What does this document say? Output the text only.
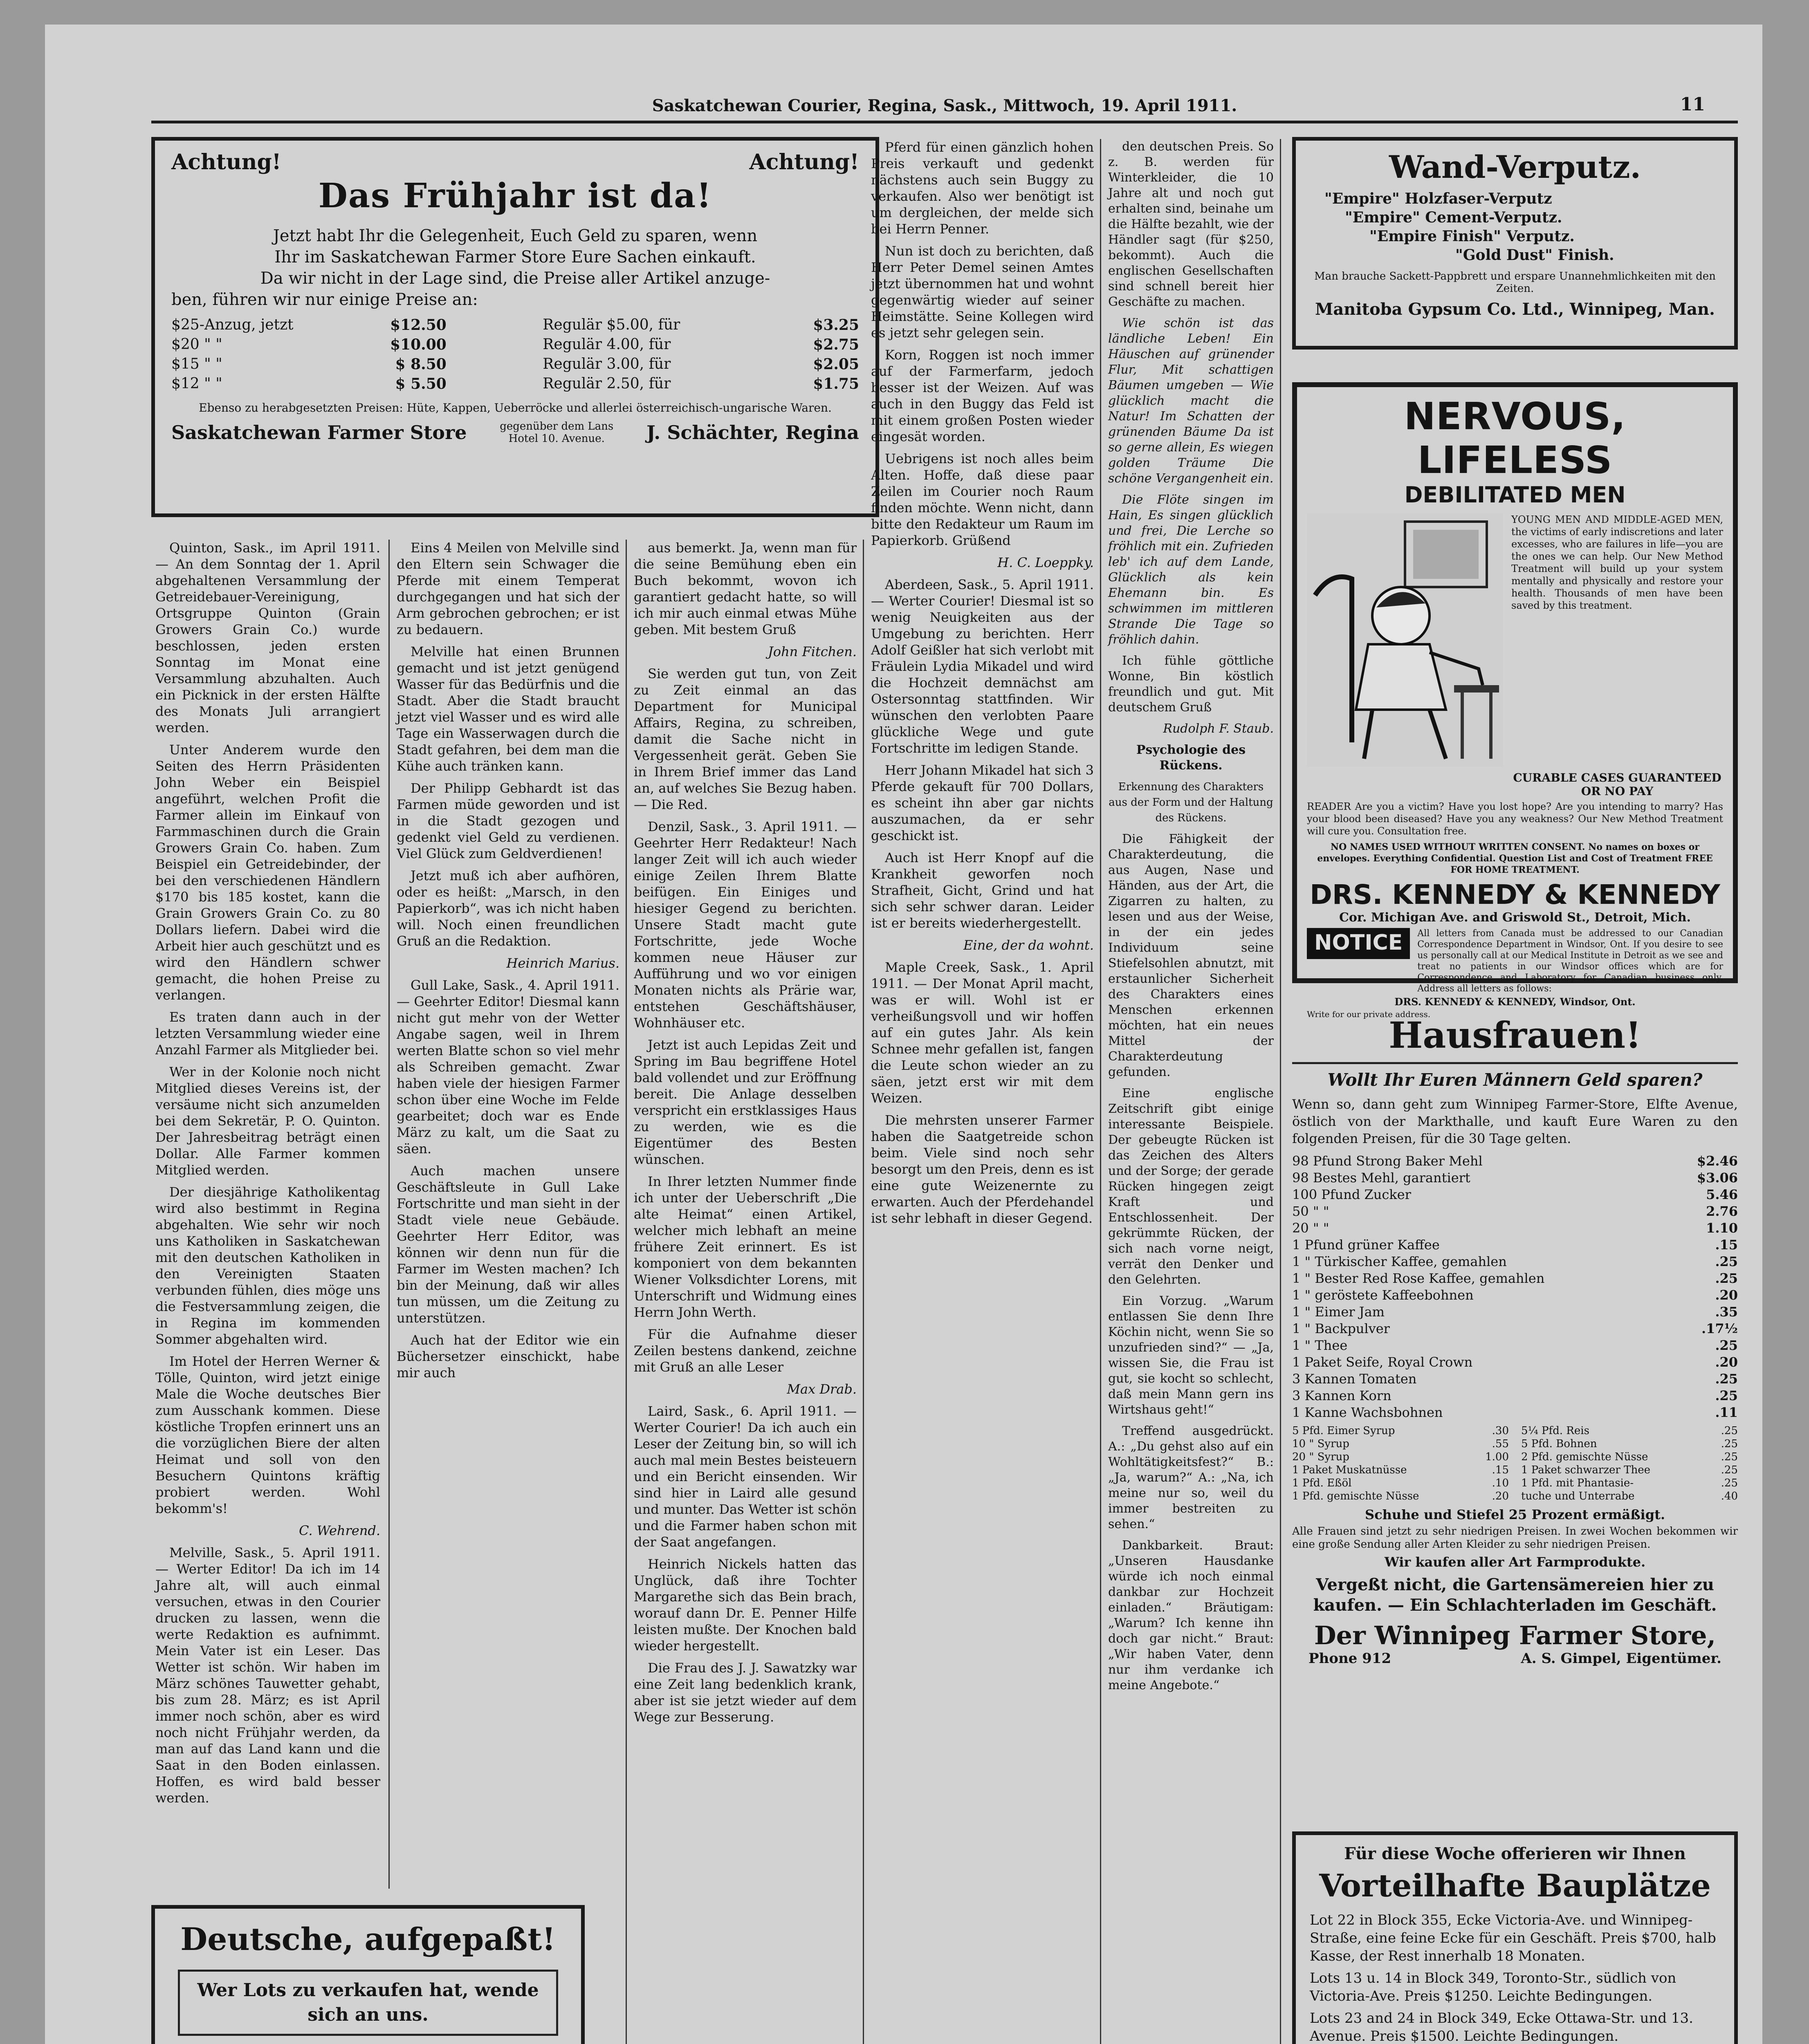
Saskatchewan Courier, Regina, Sask., Mittwoch, 19. April 1911.	11
Achtung!	Achtung!
Das Frühjahr ist da!
Jetzt habt Ihr die Gelegenheit, Euch Geld zu sparen, wenn
Ihr im Saskatchewan Farmer Store Eure Sachen einkauft.
Da wir nicht in der Lage sind, die Preise aller Artikel anzuge-
ben, führen wir nur einige Preise an:
$25-Anzug, jetzt	$12.50	Regulär $5.00, für	$3.25
$20 " "	$10.00	Regulär 4.00, für	$2.75
$15 " "	$ 8.50	Regulär 3.00, für	$2.05
$12 " "	$ 5.50	Regulär 2.50, für	$1.75
Ebenso zu herabgesetzten Preisen: Hüte, Kappen, Ueberröcke und allerlei österreichisch-ungarische Waren.
Saskatchewan Farmer Store	gegenüber dem Lans Hotel 10. Avenue.	J. Schächter, Regina
Wand-Verputz.
"Empire" Holzfaser-Verputz
"Empire" Cement-Verputz.
"Empire Finish" Verputz.
"Gold Dust" Finish.
Man brauche Sackett-Pappbrett und erspare Unannehmlichkeiten mit den Zeiten.
Manitoba Gypsum Co. Ltd., Winnipeg, Man.
NERVOUS, LIFELESS
DEBILITATED MEN
YOUNG MEN AND MIDDLE-AGED MEN, the victims of early indiscretions and later excesses, who are failures in life—you are the ones we can help. Our New Method Treatment will build up your system mentally and physically and restore your health. Thousands of men have been saved by this treatment.
CURABLE CASES GUARANTEED OR NO PAY
READER Are you a victim? Have you lost hope? Are you intending to marry? Has your blood been diseased? Have you any weakness? Our New Method Treatment will cure you. Consultation free.
NO NAMES USED WITHOUT WRITTEN CONSENT. No names on boxes or envelopes. Everything Confidential. Question List and Cost of Treatment FREE FOR HOME TREATMENT.
DRS. KENNEDY & KENNEDY
Cor. Michigan Ave. and Griswold St., Detroit, Mich.
NOTICE	All letters from Canada must be addressed to our Canadian Correspondence Department in Windsor, Ont. If you desire to see us personally call at our Medical Institute in Detroit as we see and treat no patients in our Windsor offices which are for Correspondence and Laboratory for Canadian business only. Address all letters as follows:
DRS. KENNEDY & KENNEDY, Windsor, Ont.
Write for our private address.
Hausfrauen!
Wollt Ihr Euren Männern Geld sparen?
Wenn so, dann geht zum Winnipeg Farmer-Store, Elfte Avenue, östlich von der Markthalle, und kauft Eure Waren zu den folgenden Preisen, für die 30 Tage gelten.
98 Pfund Strong Baker Mehl	$2.46
98 Bestes Mehl, garantiert	$3.06
100 Pfund Zucker	5.46
50 " "	2.76
20 " "	1.10
1 Pfund grüner Kaffee	.15
1 " Türkischer Kaffee, gemahlen	.25
1 " Bester Red Rose Kaffee, gemahlen	.25
1 " geröstete Kaffeebohnen	.20
1 " Eimer Jam	.35
1 " Backpulver	.17½
1 " Thee	.25
1 Paket Seife, Royal Crown	.20
3 Kannen Tomaten	.25
3 Kannen Korn	.25
1 Kanne Wachsbohnen	.11
5 Pfd. Eimer Syrup	.30
10 " Syrup	.55
20 " Syrup	1.00
1 Paket Muskatnüsse	.15
1 Pfd. Eßöl	.10
1 Pfd. gemischte Nüsse	.20
5¼ Pfd. Reis	.25
5 Pfd. Bohnen	.25
2 Pfd. gemischte Nüsse	.25
1 Paket schwarzer Thee	.25
1 Pfd. mit Phantasie-	.25
tuche und Unterrabe	.40
Schuhe und Stiefel 25 Prozent ermäßigt.
Alle Frauen sind jetzt zu sehr niedrigen Preisen. In zwei Wochen bekommen wir eine große Sendung aller Arten Kleider zu sehr niedrigen Preisen.
Wir kaufen aller Art Farmprodukte.
Vergeßt nicht, die Gartensämereien hier zu kaufen. — Ein Schlachterladen im Geschäft.
Der Winnipeg Farmer Store,
Phone 912	A. S. Gimpel, Eigentümer.
Für diese Woche offerieren wir Ihnen
Vorteilhafte Bauplätze
Lot 22 in Block 355, Ecke Victoria-Ave. und Winnipeg-Straße, eine feine Ecke für ein Geschäft. Preis $700, halb Kasse, der Rest innerhalb 18 Monaten.
Lots 13 u. 14 in Block 349, Toronto-Str., südlich von Victoria-Ave. Preis $1250. Leichte Bedingungen.
Lots 23 and 24 in Block 349, Ecke Ottawa-Str. und 13. Avenue. Preis $1500. Leichte Bedingungen.
Deutsche, aufgepaßt!
Wer Lots zu verkaufen hat, wende
sich an uns.

Quinton, Sask., im April 1911. — An dem Sonntag der 1. April abgehaltenen Versammlung der Getreidebauer-Vereinigung, Ortsgruppe Quinton (Grain Growers Grain Co.) wurde beschlossen, jeden ersten Sonntag im Monat eine Versammlung abzuhalten. Auch ein Picknick in der ersten Hälfte des Monats Juli arrangiert werden.

Unter Anderem wurde den Seiten des Herrn Präsidenten John Weber ein Beispiel angeführt, welchen Profit die Farmer allein im Einkauf von Farmmaschinen durch die Grain Growers Grain Co. haben. Zum Beispiel ein Getreidebinder, der bei den verschiedenen Händlern $170 bis 185 kostet, kann die Grain Growers Grain Co. zu 80 Dollars liefern. Dabei wird die Arbeit hier auch geschützt und es wird den Händlern schwer gemacht, die hohen Preise zu verlangen.

Es traten dann auch in der letzten Versammlung wieder eine Anzahl Farmer als Mitglieder bei.

Wer in der Kolonie noch nicht Mitglied dieses Vereins ist, der versäume nicht sich anzumelden bei dem Sekretär, P. O. Quinton. Der Jahresbeitrag beträgt einen Dollar. Alle Farmer kommen Mitglied werden.

Der diesjährige Katholikentag wird also bestimmt in Regina abgehalten. Wie sehr wir noch uns Katholiken in Saskatchewan mit den deutschen Katholiken in den Vereinigten Staaten verbunden fühlen, dies möge uns die Festversammlung zeigen, die in Regina im kommenden Sommer abgehalten wird.

Im Hotel der Herren Werner & Tölle, Quinton, wird jetzt einige Male die Woche deutsches Bier zum Ausschank kommen. Diese köstliche Tropfen erinnert uns an die vorzüglichen Biere der alten Heimat und soll von den Besuchern Quintons kräftig probiert werden. Wohl bekomm's!

C. Wehrend.

Melville, Sask., 5. April 1911. — Werter Editor! Da ich im 14 Jahre alt, will auch einmal versuchen, etwas in den Courier drucken zu lassen, wenn die werte Redaktion es aufnimmt. Mein Vater ist ein Leser. Das Wetter ist schön. Wir haben im März schönes Tauwetter gehabt, bis zum 28. März; es ist April immer noch schön, aber es wird noch nicht Frühjahr werden, da man auf das Land kann und die Saat in den Boden einlassen. Hoffen, es wird bald besser werden.

Eins 4 Meilen von Melville sind den Eltern sein Schwager die Pferde mit einem Temperat durchgegangen und hat sich der Arm gebrochen gebrochen; er ist zu bedauern.

Melville hat einen Brunnen gemacht und ist jetzt genügend Wasser für das Bedürfnis und die Stadt. Aber die Stadt braucht jetzt viel Wasser und es wird alle Tage ein Wasserwagen durch die Stadt gefahren, bei dem man die Kühe auch tränken kann.

Der Philipp Gebhardt ist das Farmen müde geworden und ist in die Stadt gezogen und gedenkt viel Geld zu verdienen. Viel Glück zum Geldverdienen!

Jetzt muß ich aber aufhören, oder es heißt: „Marsch, in den Papierkorb“, was ich nicht haben will. Noch einen freundlichen Gruß an die Redaktion.

Heinrich Marius.

Gull Lake, Sask., 4. April 1911. — Geehrter Editor! Diesmal kann nicht gut mehr von der Wetter Angabe sagen, weil in Ihrem werten Blatte schon so viel mehr als Schreiben gemacht. Zwar haben viele der hiesigen Farmer schon über eine Woche im Felde gearbeitet; doch war es Ende März zu kalt, um die Saat zu säen.

Auch machen unsere Geschäftsleute in Gull Lake Fortschritte und man sieht in der Stadt viele neue Gebäude. Geehrter Herr Editor, was können wir denn nun für die Farmer im Westen machen? Ich bin der Meinung, daß wir alles tun müssen, um die Zeitung zu unterstützen.

Auch hat der Editor wie ein Büchersetzer einschickt, habe mir auch

aus bemerkt. Ja, wenn man für die seine Bemühung eben ein Buch bekommt, wovon ich garantiert gedacht hatte, so will ich mir auch einmal etwas Mühe geben. Mit bestem Gruß

John Fitchen.

Sie werden gut tun, von Zeit zu Zeit einmal an das Department for Municipal Affairs, Regina, zu schreiben, damit die Sache nicht in Vergessenheit gerät. Geben Sie in Ihrem Brief immer das Land an, auf welches Sie Bezug haben. — Die Red.

Denzil, Sask., 3. April 1911. — Geehrter Herr Redakteur! Nach langer Zeit will ich auch wieder einige Zeilen Ihrem Blatte beifügen. Ein Einiges und hiesiger Gegend zu berichten. Unsere Stadt macht gute Fortschritte, jede Woche kommen neue Häuser zur Aufführung und wo vor einigen Monaten nichts als Prärie war, entstehen Geschäftshäuser, Wohnhäuser etc.

Jetzt ist auch Lepidas Zeit und Spring im Bau begriffene Hotel bald vollendet und zur Eröffnung bereit. Die Anlage desselben verspricht ein erstklassiges Haus zu werden, wie es die Eigentümer des Besten wünschen.

In Ihrer letzten Nummer finde ich unter der Ueberschrift „Die alte Heimat“ einen Artikel, welcher mich lebhaft an meine frühere Zeit erinnert. Es ist komponiert von dem bekannten Wiener Volksdichter Lorens, mit Unterschrift und Widmung eines Herrn John Werth.

Für die Aufnahme dieser Zeilen bestens dankend, zeichne mit Gruß an alle Leser

Max Drab.

Laird, Sask., 6. April 1911. — Werter Courier! Da ich auch ein Leser der Zeitung bin, so will ich auch mal mein Bestes beisteuern und ein Bericht einsenden. Wir sind hier in Laird alle gesund und munter. Das Wetter ist schön und die Farmer haben schon mit der Saat angefangen.

Heinrich Nickels hatten das Unglück, daß ihre Tochter Margarethe sich das Bein brach, worauf dann Dr. E. Penner Hilfe leisten mußte. Der Knochen bald wieder hergestellt.

Die Frau des J. J. Sawatzky war eine Zeit lang bedenklich krank, aber ist sie jetzt wieder auf dem Wege zur Besserung.

Pferd für einen gänzlich hohen Preis verkauft und gedenkt nächstens auch sein Buggy zu verkaufen. Also wer benötigt ist um dergleichen, der melde sich bei Herrn Penner.

Nun ist doch zu berichten, daß Herr Peter Demel seinen Amtes jetzt übernommen hat und wohnt gegenwärtig wieder auf seiner Heimstätte. Seine Kollegen wird es jetzt sehr gelegen sein.

Korn, Roggen ist noch immer auf der Farmerfarm, jedoch besser ist der Weizen. Auf was auch in den Buggy das Feld ist mit einem großen Posten wieder eingesät worden.

Uebrigens ist noch alles beim Alten. Hoffe, daß diese paar Zeilen im Courier noch Raum finden möchte. Wenn nicht, dann bitte den Redakteur um Raum im Papierkorb. Grüßend

H. C. Loeppky.

Aberdeen, Sask., 5. April 1911. — Werter Courier! Diesmal ist so wenig Neuigkeiten aus der Umgebung zu berichten. Herr Adolf Geißler hat sich verlobt mit Fräulein Lydia Mikadel und wird die Hochzeit demnächst am Ostersonntag stattfinden. Wir wünschen den verlobten Paare glückliche Wege und gute Fortschritte im ledigen Stande.

Herr Johann Mikadel hat sich 3 Pferde gekauft für 700 Dollars, es scheint ihn aber gar nichts auszumachen, da er sehr geschickt ist.

Auch ist Herr Knopf auf die Krankheit geworfen noch Strafheit, Gicht, Grind und hat sich sehr schwer daran. Leider ist er bereits wiederhergestellt.

Eine, der da wohnt.

Maple Creek, Sask., 1. April 1911. — Der Monat April macht, was er will. Wohl ist er verheißungsvoll und wir hoffen auf ein gutes Jahr. Als kein Schnee mehr gefallen ist, fangen die Leute schon wieder an zu säen, jetzt erst wir mit dem Weizen.

Die mehrsten unserer Farmer haben die Saatgetreide schon beim. Viele sind noch sehr besorgt um den Preis, denn es ist eine gute Weizenernte zu erwarten. Auch der Pferdehandel ist sehr lebhaft in dieser Gegend.

den deutschen Preis. So z. B. werden für Winterkleider, die 10 Jahre alt und noch gut erhalten sind, beinahe um die Hälfte bezahlt, wie der Händler sagt (für $250, bekommt). Auch die englischen Gesellschaften sind schnell bereit hier Geschäfte zu machen.

Wie schön ist das ländliche Leben! Ein Häuschen auf grünender Flur, Mit schattigen Bäumen umgeben — Wie glücklich macht die Natur! Im Schatten der grünenden Bäume Da ist so gerne allein, Es wiegen golden Träume Die schöne Vergangenheit ein.

Die Flöte singen im Hain, Es singen glücklich und frei, Die Lerche so fröhlich mit ein. Zufrieden leb' ich auf dem Lande, Glücklich als kein Ehemann bin. Es schwimmen im mittleren Strande Die Tage so fröhlich dahin.

Ich fühle göttliche Wonne, Bin köstlich freundlich und gut. Mit deutschem Gruß

Rudolph F. Staub.

Psychologie des Rückens.

Erkennung des Charakters aus der Form und der Haltung des Rückens.

Die Fähigkeit der Charakterdeutung, die aus Augen, Nase und Händen, aus der Art, die Zigarren zu halten, zu lesen und aus der Weise, in der ein jedes Individuum seine Stiefelsohlen abnutzt, mit erstaunlicher Sicherheit des Charakters eines Menschen erkennen möchten, hat ein neues Mittel der Charakterdeutung gefunden.

Eine englische Zeitschrift gibt einige interessante Beispiele. Der gebeugte Rücken ist das Zeichen des Alters und der Sorge; der gerade Rücken hingegen zeigt Kraft und Entschlossenheit. Der gekrümmte Rücken, der sich nach vorne neigt, verrät den Denker und den Gelehrten.

Ein Vorzug. „Warum entlassen Sie denn Ihre Köchin nicht, wenn Sie so unzufrieden sind?“ — „Ja, wissen Sie, die Frau ist gut, sie kocht so schlecht, daß mein Mann gern ins Wirtshaus geht!“

Treffend ausgedrückt. A.: „Du gehst also auf ein Wohltätigkeitsfest?“ B.: „Ja, warum?“ A.: „Na, ich meine nur so, weil du immer bestreiten zu sehen.“

Dankbarkeit. Braut: „Unseren Hausdanke würde ich noch einmal dankbar zur Hochzeit einladen.“ Bräutigam: „Warum? Ich kenne ihn doch gar nicht.“ Braut: „Wir haben Vater, denn nur ihm verdanke ich meine Angebote.“
